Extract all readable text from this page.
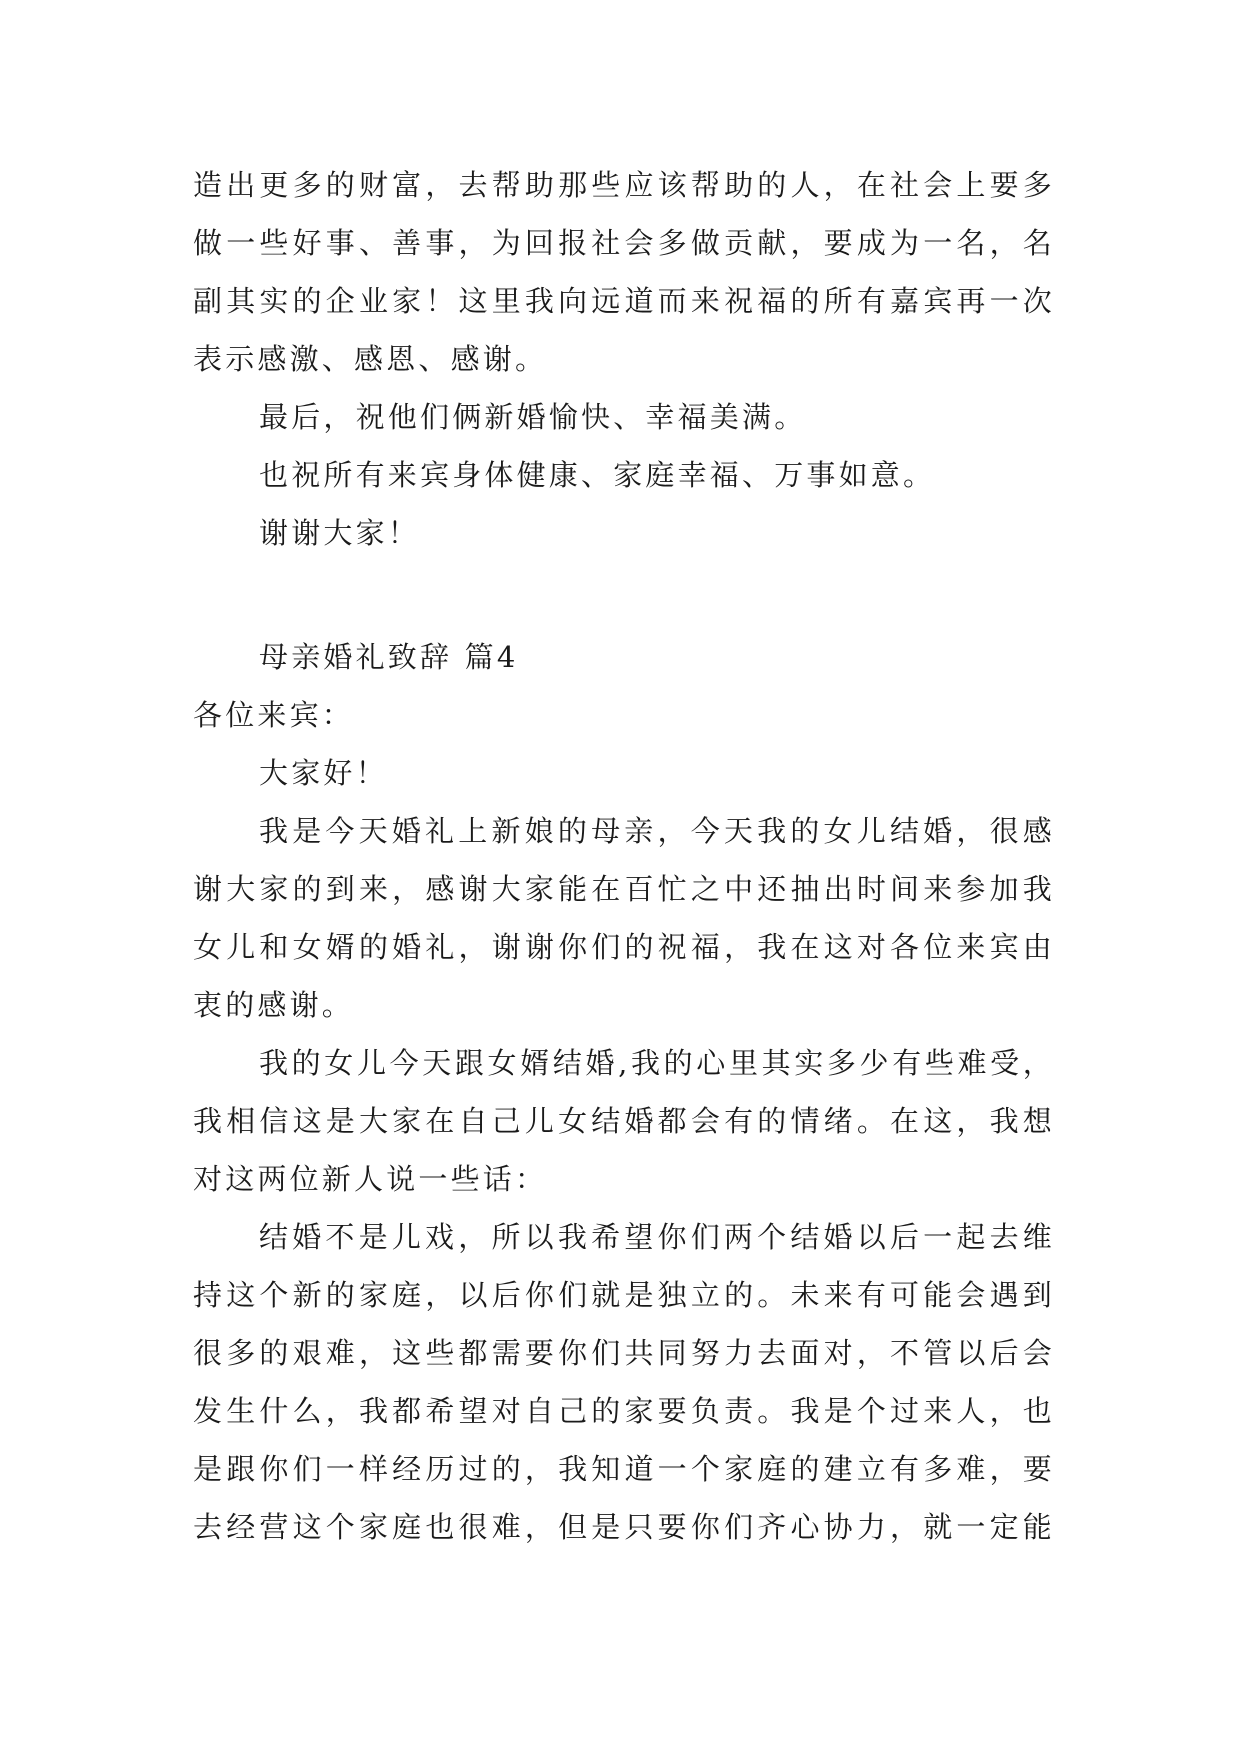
造出更多的财富，去帮助那些应该帮助的人，在社会上要多
做一些好事、善事，为回报社会多做贡献，要成为一名，名
副其实的企业家！这里我向远道而来祝福的所有嘉宾再一次
表示感激、感恩、感谢。
最后，祝他们俩新婚愉快、幸福美满。
也祝所有来宾身体健康、家庭幸福、万事如意。
谢谢大家！
母亲婚礼致辞 篇4
各位来宾：
大家好！
我是今天婚礼上新娘的母亲，今天我的女儿结婚，很感
谢大家的到来，感谢大家能在百忙之中还抽出时间来参加我
女儿和女婿的婚礼，谢谢你们的祝福，我在这对各位来宾由
衷的感谢。
我的女儿今天跟女婿结婚,我的心里其实多少有些难受，
我相信这是大家在自己儿女结婚都会有的情绪。在这，我想
对这两位新人说一些话：
结婚不是儿戏，所以我希望你们两个结婚以后一起去维
持这个新的家庭，以后你们就是独立的。未来有可能会遇到
很多的艰难，这些都需要你们共同努力去面对，不管以后会
发生什么，我都希望对自己的家要负责。我是个过来人，也
是跟你们一样经历过的，我知道一个家庭的建立有多难，要
去经营这个家庭也很难，但是只要你们齐心协力，就一定能
